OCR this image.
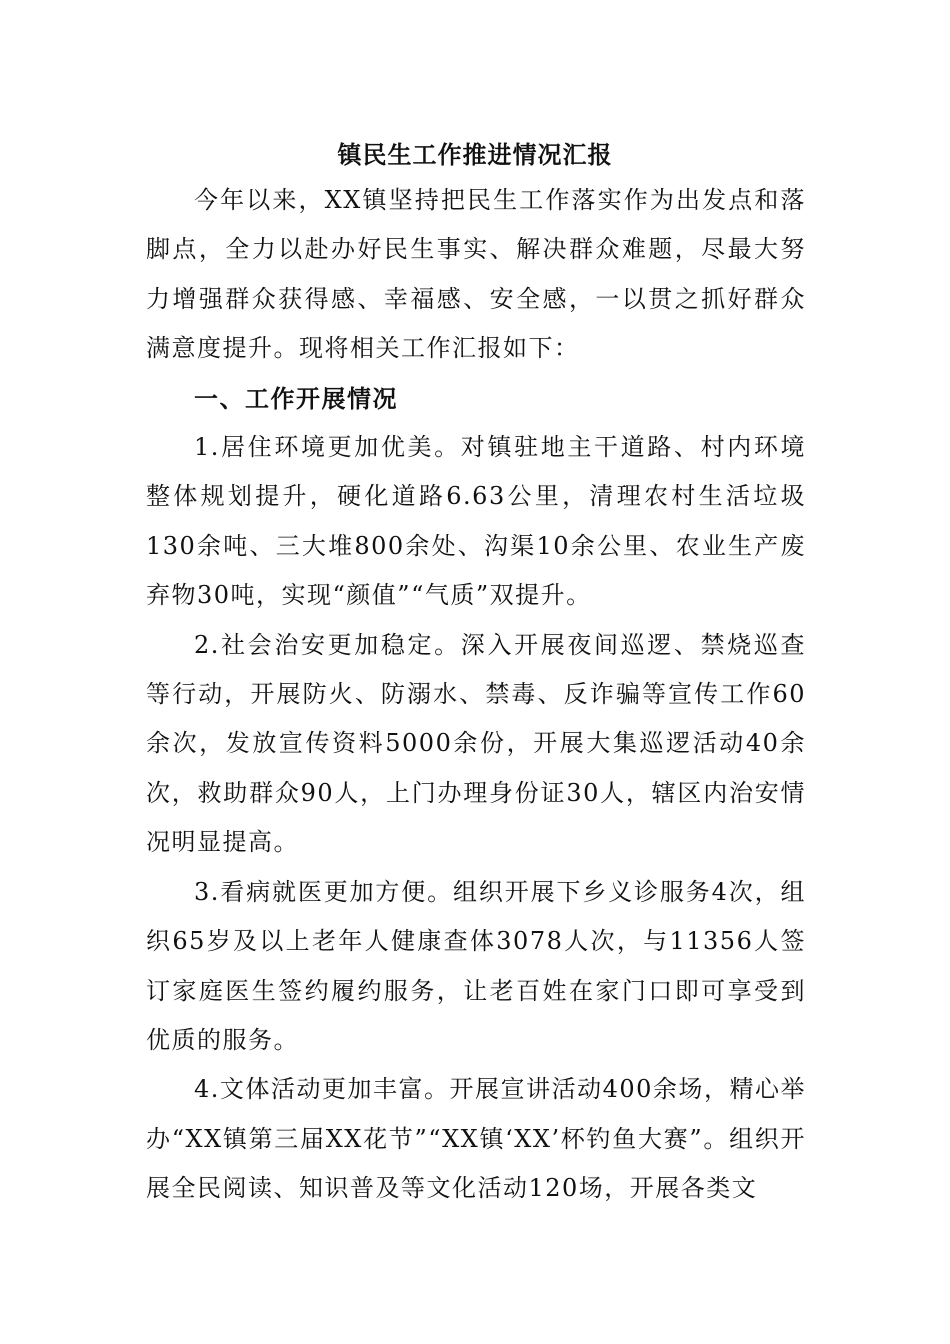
镇民生工作推进情况汇报

今年以来，XX镇坚持把民生工作落实作为出发点和落脚点，全力以赴办好民生事实、解决群众难题，尽最大努力增强群众获得感、幸福感、安全感，一以贯之抓好群众满意度提升。现将相关工作汇报如下：

一、工作开展情况

1.居住环境更加优美。对镇驻地主干道路、村内环境整体规划提升，硬化道路6.63公里，清理农村生活垃圾130余吨、三大堆800余处、沟渠10余公里、农业生产废弃物30吨，实现“颜值”“气质”双提升。

2.社会治安更加稳定。深入开展夜间巡逻、禁烧巡查等行动，开展防火、防溺水、禁毒、反诈骗等宣传工作60余次，发放宣传资料5000余份，开展大集巡逻活动40余次，救助群众90人，上门办理身份证30人，辖区内治安情况明显提高。

3.看病就医更加方便。组织开展下乡义诊服务4次，组织65岁及以上老年人健康查体3078人次，与11356人签订家庭医生签约履约服务，让老百姓在家门口即可享受到优质的服务。

4.文体活动更加丰富。开展宣讲活动400余场，精心举办“XX镇第三届XX花节”“XX镇‘XX’杯钓鱼大赛”。组织开展全民阅读、知识普及等文化活动120场，开展各类文
